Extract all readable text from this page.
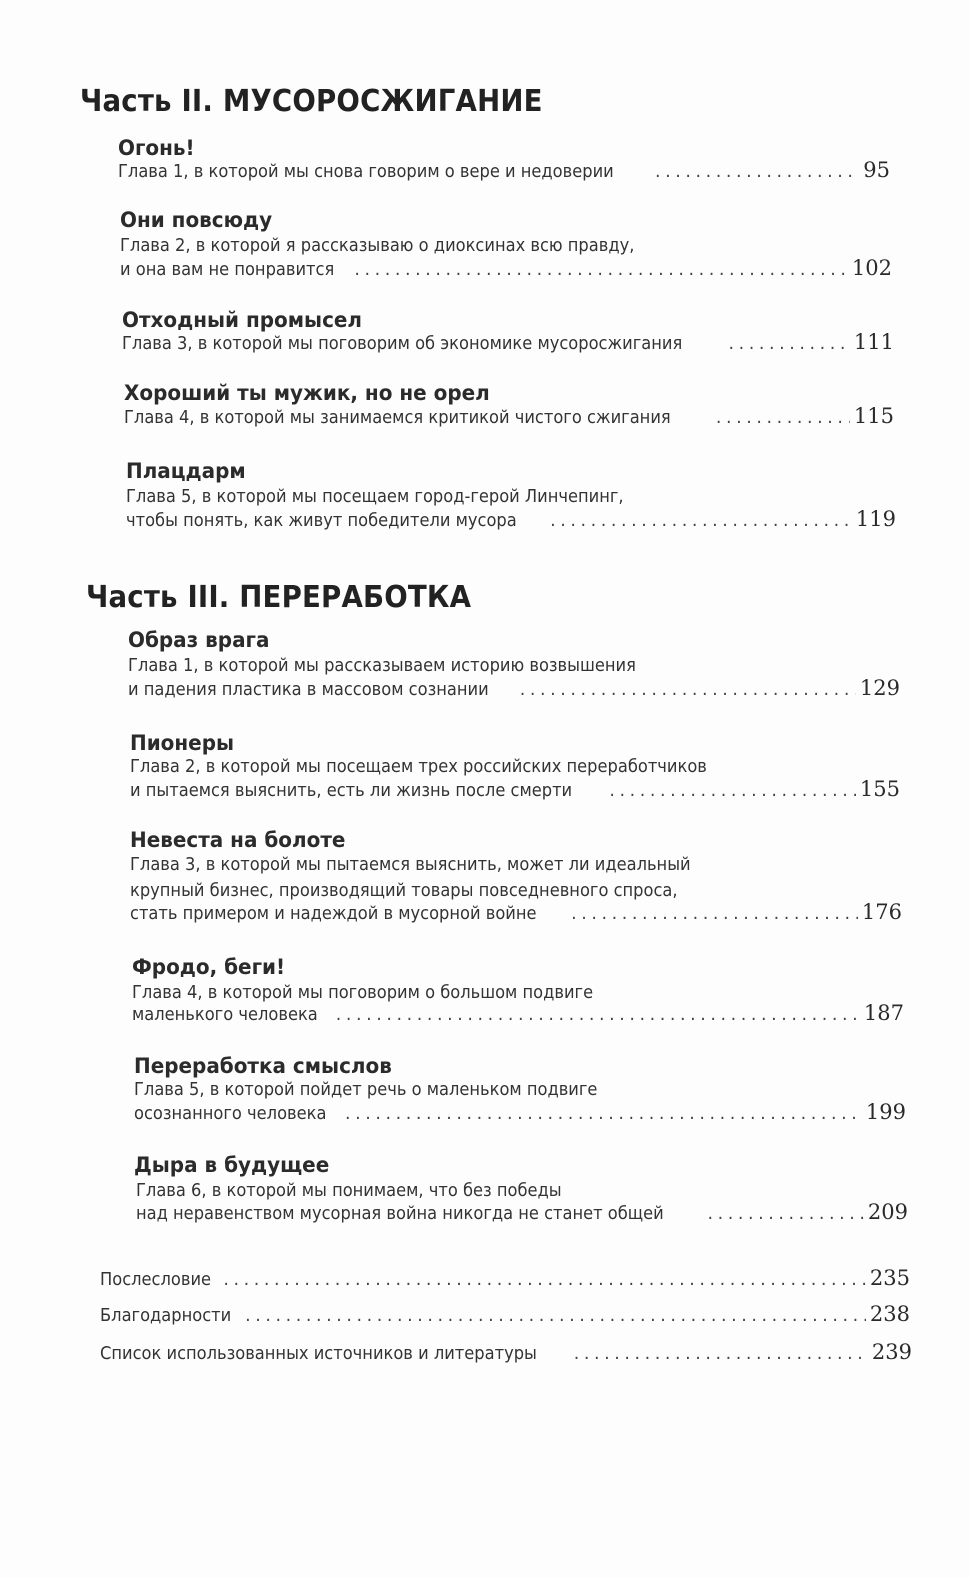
Часть II. МУСОРОСЖИГАНИЕ
Огонь!
Глава 1, в которой мы снова говорим о вере и недоверии . . .	95
Они повсюду
Глава 2, в которой я рассказываю о диоксинах всю правду,
и она вам не понравится . . .	102
Отходный промысел
Глава 3, в которой мы поговорим об экономике мусоросжигания . . .	111
Хороший ты мужик, но не орел
Глава 4, в которой мы занимаемся критикой чистого сжигания . . .	115
Плацдарм
Глава 5, в которой мы посещаем город-герой Линчепинг,
чтобы понять, как живут победители мусора . . .	119
Часть III. ПЕРЕРАБОТКА
Образ врага
Глава 1, в которой мы рассказываем историю возвышения
и падения пластика в массовом сознании . . .	129
Пионеры
Глава 2, в которой мы посещаем трех российских переработчиков
и пытаемся выяснить, есть ли жизнь после смерти . . .	155
Невеста на болоте
Глава 3, в которой мы пытаемся выяснить, может ли идеальный
крупный бизнес, производящий товары повседневного спроса,
стать примером и надеждой в мусорной войне . . .	176
Фродо, беги!
Глава 4, в которой мы поговорим о большом подвиге
маленького человека . . .	187
Переработка смыслов
Глава 5, в которой пойдет речь о маленьком подвиге
осознанного человека . . .	199
Дыра в будущее
Глава 6, в которой мы понимаем, что без победы
над неравенством мусорная война никогда не станет общей . . .	209
Послесловие . . .	235
Благодарности . . .	238
Список использованных источников и литературы . . .	239
